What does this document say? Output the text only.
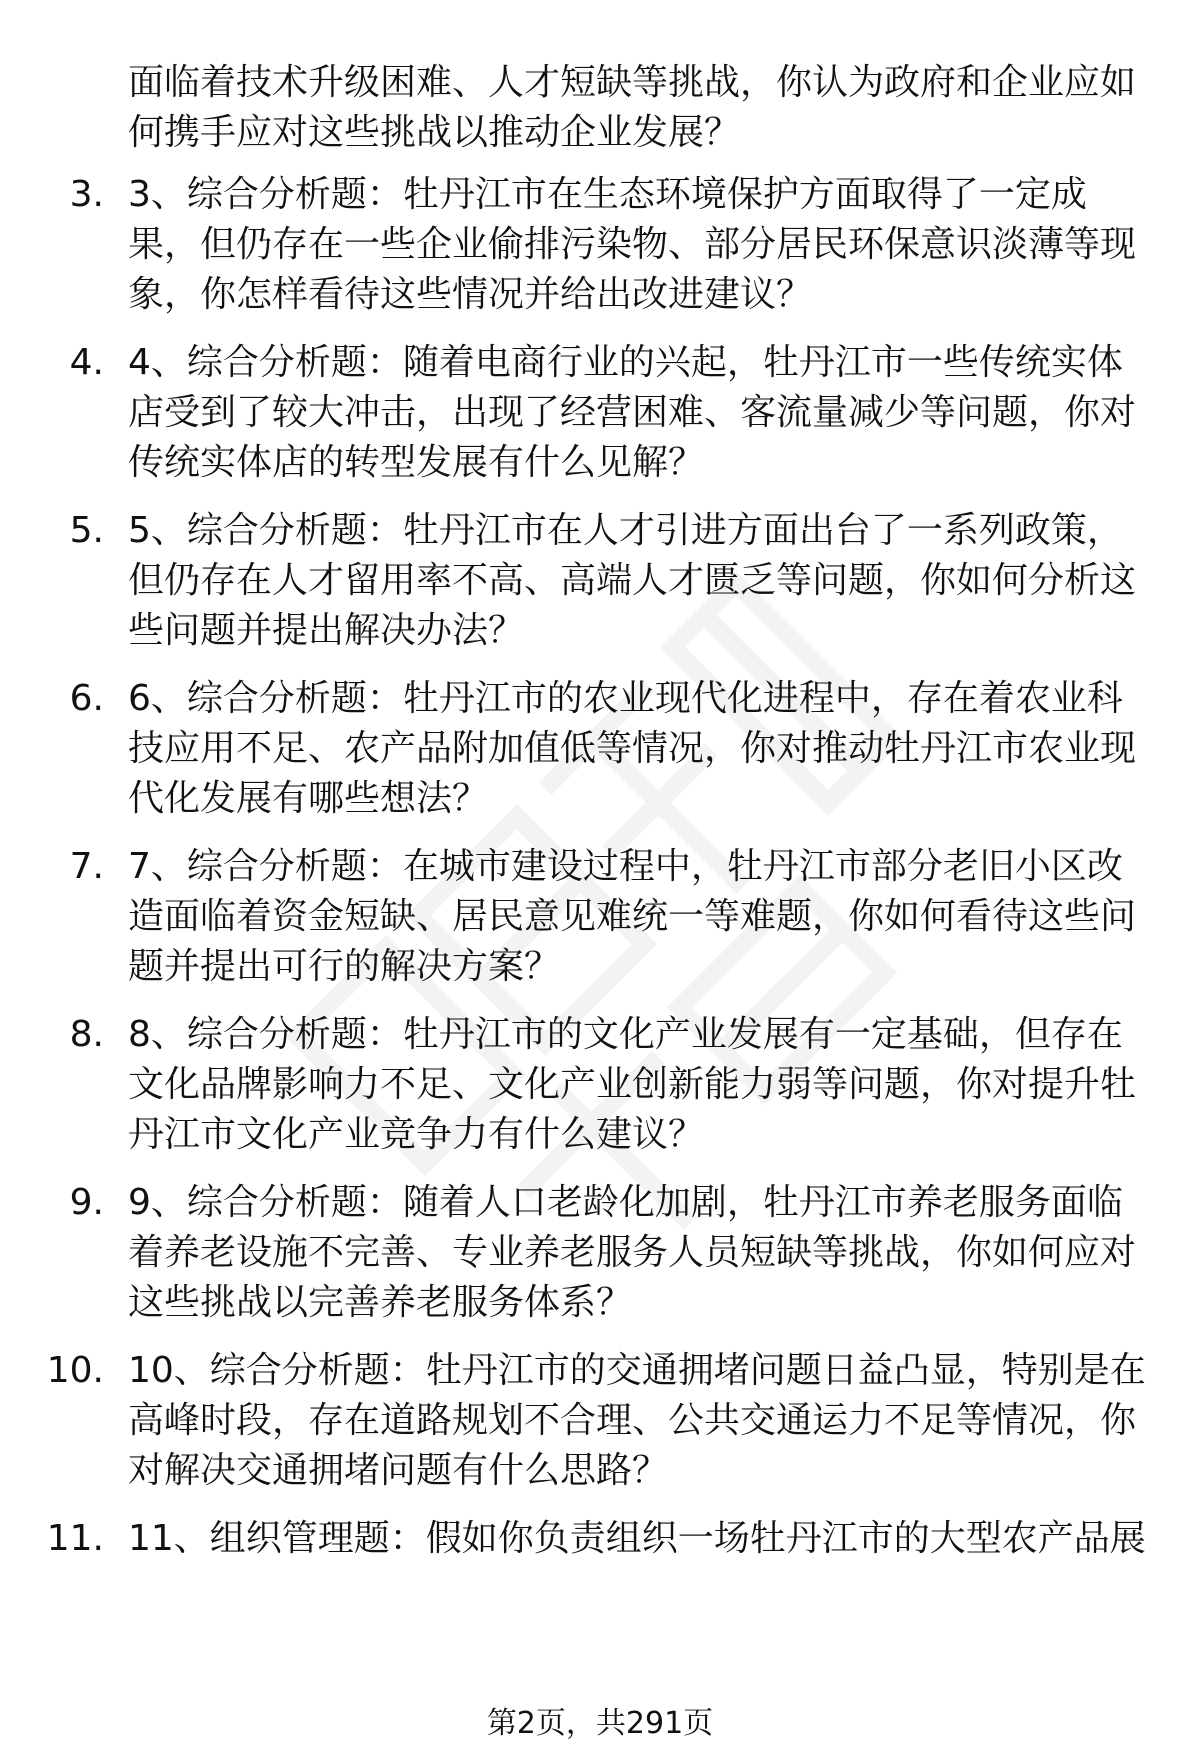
面临着技术升级困难、人才短缺等挑战，你认为政府和企业应如何携手应对这些挑战以推动企业发展？
3. 3、综合分析题：牡丹江市在生态环境保护方面取得了一定成果，但仍存在一些企业偷排污染物、部分居民环保意识淡薄等现象，你怎样看待这些情况并给出改进建议？

4. 4、综合分析题：随着电商行业的兴起，牡丹江市一些传统实体店受到了较大冲击，出现了经营困难、客流量减少等问题，你对传统实体店的转型发展有什么见解？

5. 5、综合分析题：牡丹江市在人才引进方面出台了一系列政策，但仍存在人才留用率不高、高端人才匮乏等问题，你如何分析这些问题并提出解决办法？

6. 6、综合分析题：牡丹江市的农业现代化进程中，存在着农业科技应用不足、农产品附加值低等情况，你对推动牡丹江市农业现代化发展有哪些想法？

7. 7、综合分析题：在城市建设过程中，牡丹江市部分老旧小区改造面临着资金短缺、居民意见难统一等难题，你如何看待这些问题并提出可行的解决方案？

8. 8、综合分析题：牡丹江市的文化产业发展有一定基础，但存在文化品牌影响力不足、文化产业创新能力弱等问题，你对提升牡丹江市文化产业竞争力有什么建议？

9. 9、综合分析题：随着人口老龄化加剧，牡丹江市养老服务面临着养老设施不完善、专业养老服务人员短缺等挑战，你如何应对这些挑战以完善养老服务体系？

10. 10、综合分析题：牡丹江市的交通拥堵问题日益凸显，特别是在高峰时段，存在道路规划不合理、公共交通运力不足等情况，你对解决交通拥堵问题有什么思路？

11. 11、组织管理题：假如你负责组织一场牡丹江市的大型农产品展

第2页，共291页
